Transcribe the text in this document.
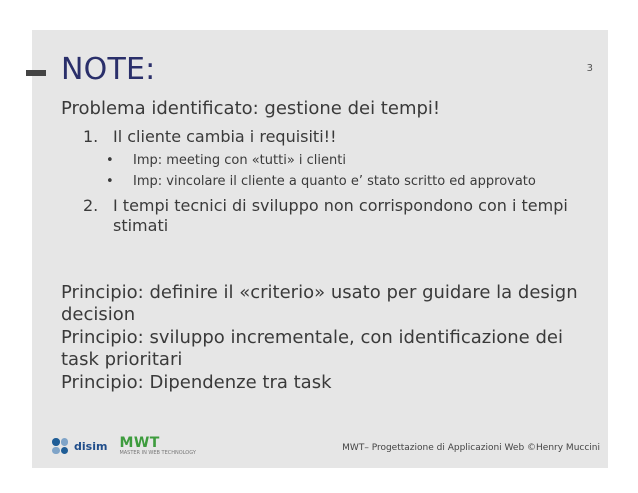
NOTE:	3

Problema identificato: gestione dei tempi!

1. Il cliente cambia i requisiti!!
•	Imp: meeting con «tutti» i clienti
•	Imp: vincolare il cliente a quanto e’ stato scritto ed approvato
2. I tempi tecnici di sviluppo non corrispondono con i tempi stimati
Principio: definire il «criterio» usato per guidare la design decision
Principio: sviluppo incrementale, con identificazione dei task prioritari
Principio: Dipendenze tra task
disim MWT
MASTER IN WEB TECHNOLOGY	MWT– Progettazione di Applicazioni Web ©Henry Muccini
